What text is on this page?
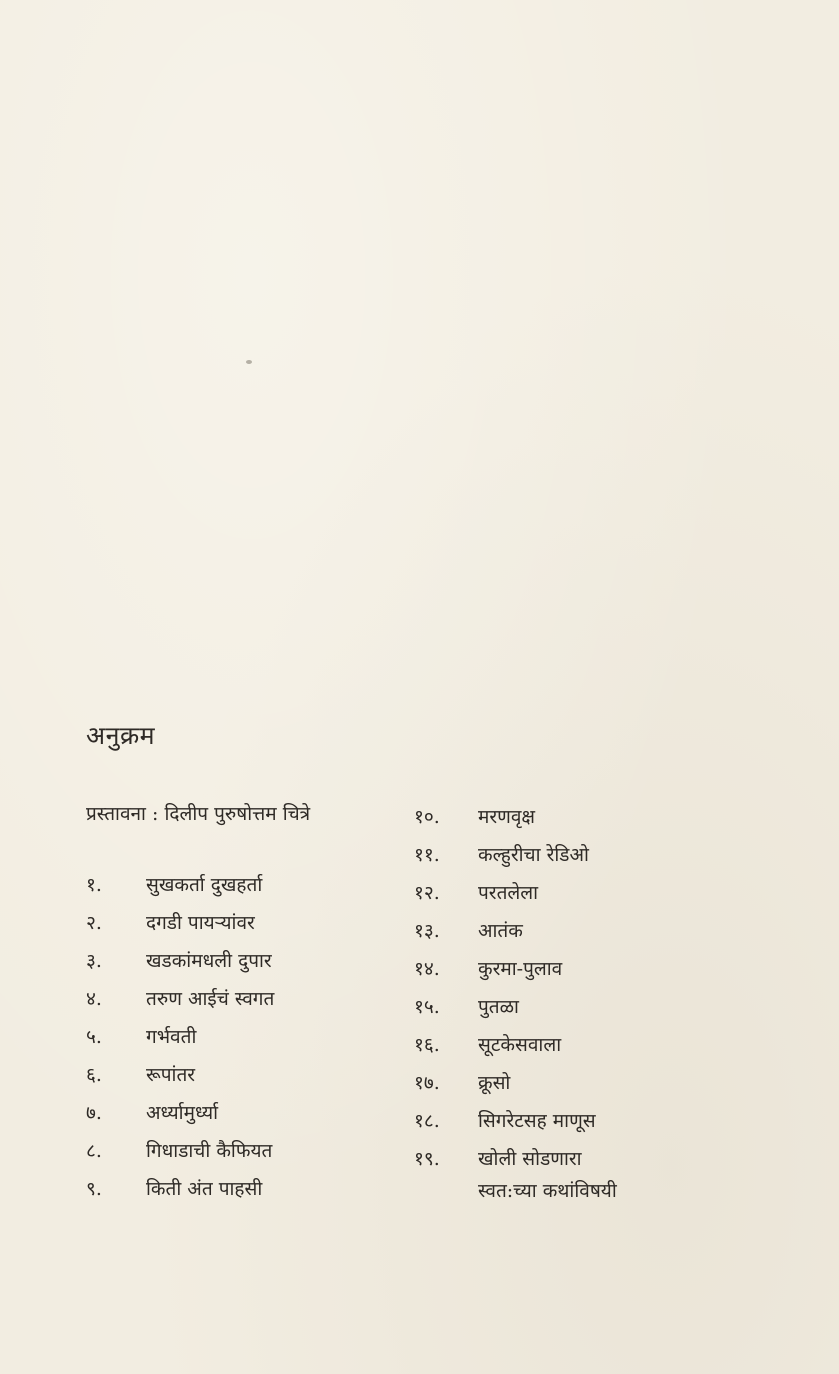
अनुक्रम
प्रस्तावना : दिलीप पुरुषोत्तम चित्रे
१. सुखकर्ता दुखहर्ता
२. दगडी पायऱ्यांवर
३. खडकांमधली दुपार
४. तरुण आईचं स्वगत
५. गर्भवती
६. रूपांतर
७. अर्ध्यामुर्ध्या
८. गिधाडाची कैफियत
९. किती अंत पाहसी
१०. मरणवृक्ष
११. कल्हुरीचा रेडिओ
१२. परतलेला
१३. आतंक
१४. कुरमा-पुलाव
१५. पुतळा
१६. सूटकेसवाला
१७. क्रूसो
१८. सिगरेटसह माणूस
१९. खोली सोडणारा
स्वत:च्या कथांविषयी
